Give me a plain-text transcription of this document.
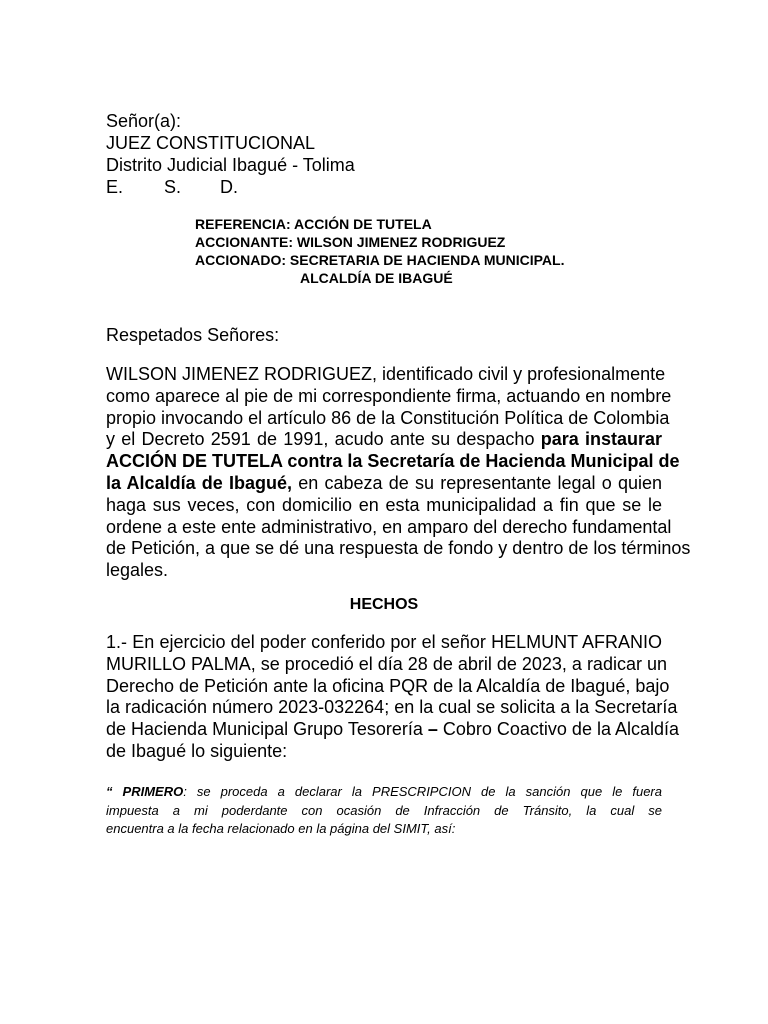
Señor(a):
JUEZ CONSTITUCIONAL
Distrito Judicial Ibagué - Tolima
E. S. D.
REFERENCIA: ACCIÓN DE TUTELA
ACCIONANTE: WILSON JIMENEZ RODRIGUEZ
ACCIONADO: SECRETARIA DE HACIENDA MUNICIPAL.
ALCALDÍA DE IBAGUÉ
Respetados Señores:
WILSON JIMENEZ RODRIGUEZ, identificado civil y profesionalmente
como aparece al pie de mi correspondiente firma, actuando en nombre
propio invocando el artículo 86 de la Constitución Política de Colombia
y el Decreto 2591 de 1991, acudo ante su despacho para instaurar
ACCIÓN DE TUTELA contra la Secretaría de Hacienda Municipal de
la Alcaldía de Ibagué, en cabeza de su representante legal o quien
haga sus veces, con domicilio en esta municipalidad a fin que se le
ordene a este ente administrativo, en amparo del derecho fundamental
de Petición, a que se dé una respuesta de fondo y dentro de los términos
legales.
HECHOS
1.- En ejercicio del poder conferido por el señor HELMUNT AFRANIO
MURILLO PALMA, se procedió el día 28 de abril de 2023, a radicar un
Derecho de Petición ante la oficina PQR de la Alcaldía de Ibagué, bajo
la radicación número 2023-032264; en la cual se solicita a la Secretaría
de Hacienda Municipal Grupo Tesorería – Cobro Coactivo de la Alcaldía
de Ibagué lo siguiente:
“ PRIMERO: se proceda a declarar la PRESCRIPCION de la sanción que le fuera
impuesta a mi poderdante con ocasión de Infracción de Tránsito, la cual se
encuentra a la fecha relacionado en la página del SIMIT, así:
